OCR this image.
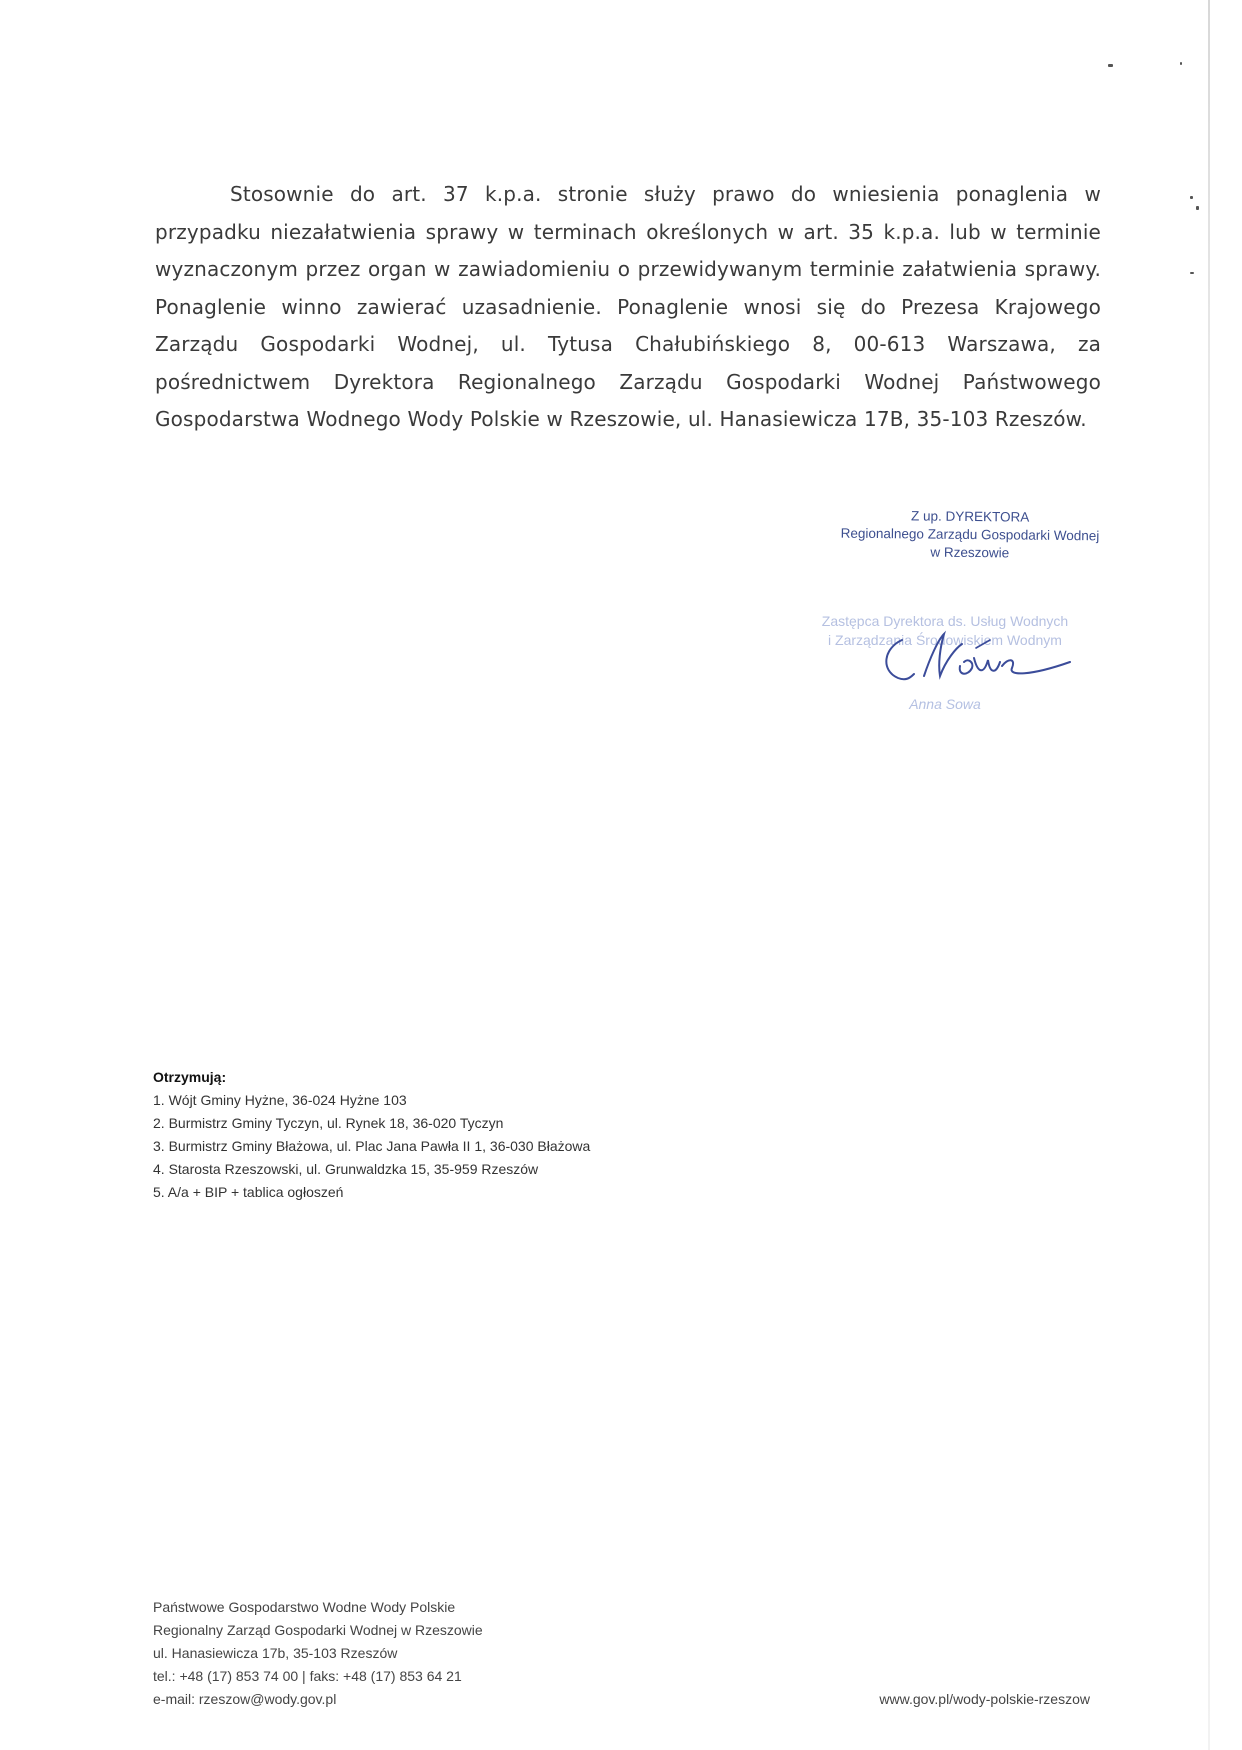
Stosownie do art. 37 k.p.a. stronie służy prawo do wniesienia ponaglenia w przypadku niezałatwienia sprawy w terminach określonych w art. 35 k.p.a. lub w terminie wyznaczonym przez organ w zawiadomieniu o przewidywanym terminie załatwienia sprawy. Ponaglenie winno zawierać uzasadnienie. Ponaglenie wnosi się do Prezesa Krajowego Zarządu Gospodarki Wodnej, ul. Tytusa Chałubińskiego 8, 00-613 Warszawa, za pośrednictwem Dyrektora Regionalnego Zarządu Gospodarki Wodnej Państwowego Gospodarstwa Wodnego Wody Polskie w Rzeszowie, ul. Hanasiewicza 17B, 35-103 Rzeszów.

Z up. DYREKTORA
Regionalnego Zarządu Gospodarki Wodnej
w Rzeszowie
Zastępca Dyrektora ds. Usług Wodnych
i Zarządzania Środowiskiem Wodnym
Anna Sowa
Otrzymują:
1. Wójt Gminy Hyżne, 36-024 Hyżne 103
2. Burmistrz Gminy Tyczyn, ul. Rynek 18, 36-020 Tyczyn
3. Burmistrz Gminy Błażowa, ul. Plac Jana Pawła II 1, 36-030 Błażowa
4. Starosta Rzeszowski, ul. Grunwaldzka 15, 35-959 Rzeszów
5. A/a + BIP + tablica ogłoszeń
Państwowe Gospodarstwo Wodne Wody Polskie
Regionalny Zarząd Gospodarki Wodnej w Rzeszowie
ul. Hanasiewicza 17b, 35-103 Rzeszów
tel.: +48 (17) 853 74 00 | faks: +48 (17) 853 64 21
e-mail: rzeszow@wody.gov.pl	www.gov.pl/wody-polskie-rzeszow
